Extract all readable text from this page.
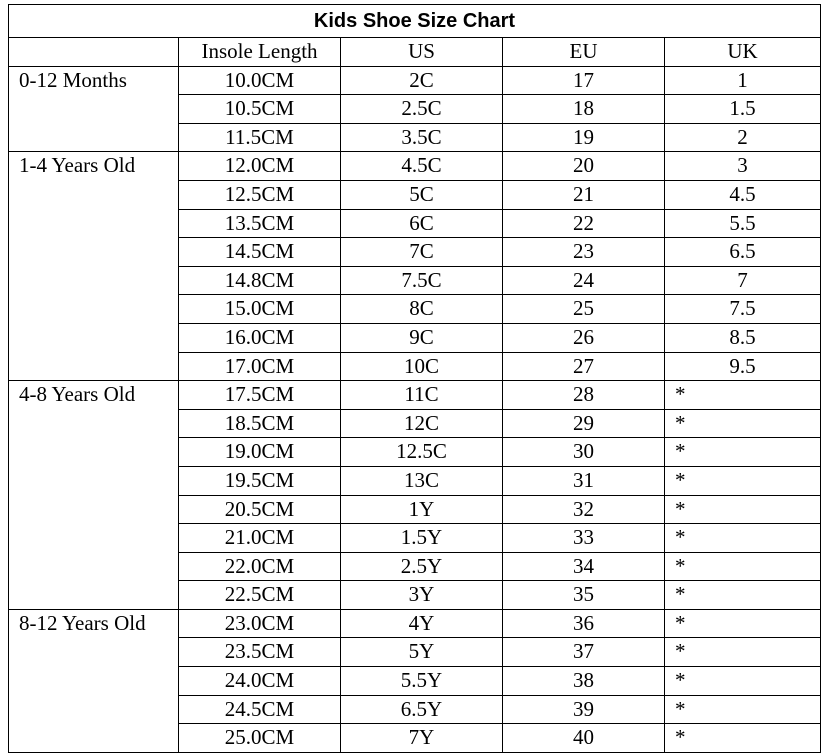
Kids Shoe Size Chart				
	Insole Length	US	EU	UK
0-12 Months	10.0CM	2C	17	1
	10.5CM	2.5C	18	1.5
	11.5CM	3.5C	19	2
1-4 Years Old	12.0CM	4.5C	20	3
	12.5CM	5C	21	4.5
	13.5CM	6C	22	5.5
	14.5CM	7C	23	6.5
	14.8CM	7.5C	24	7
	15.0CM	8C	25	7.5
	16.0CM	9C	26	8.5
	17.0CM	10C	27	9.5
4-8 Years Old	17.5CM	11C	28	*
	18.5CM	12C	29	*
	19.0CM	12.5C	30	*
	19.5CM	13C	31	*
	20.5CM	1Y	32	*
	21.0CM	1.5Y	33	*
	22.0CM	2.5Y	34	*
	22.5CM	3Y	35	*
8-12 Years Old	23.0CM	4Y	36	*
	23.5CM	5Y	37	*
	24.0CM	5.5Y	38	*
	24.5CM	6.5Y	39	*
	25.0CM	7Y	40	*
